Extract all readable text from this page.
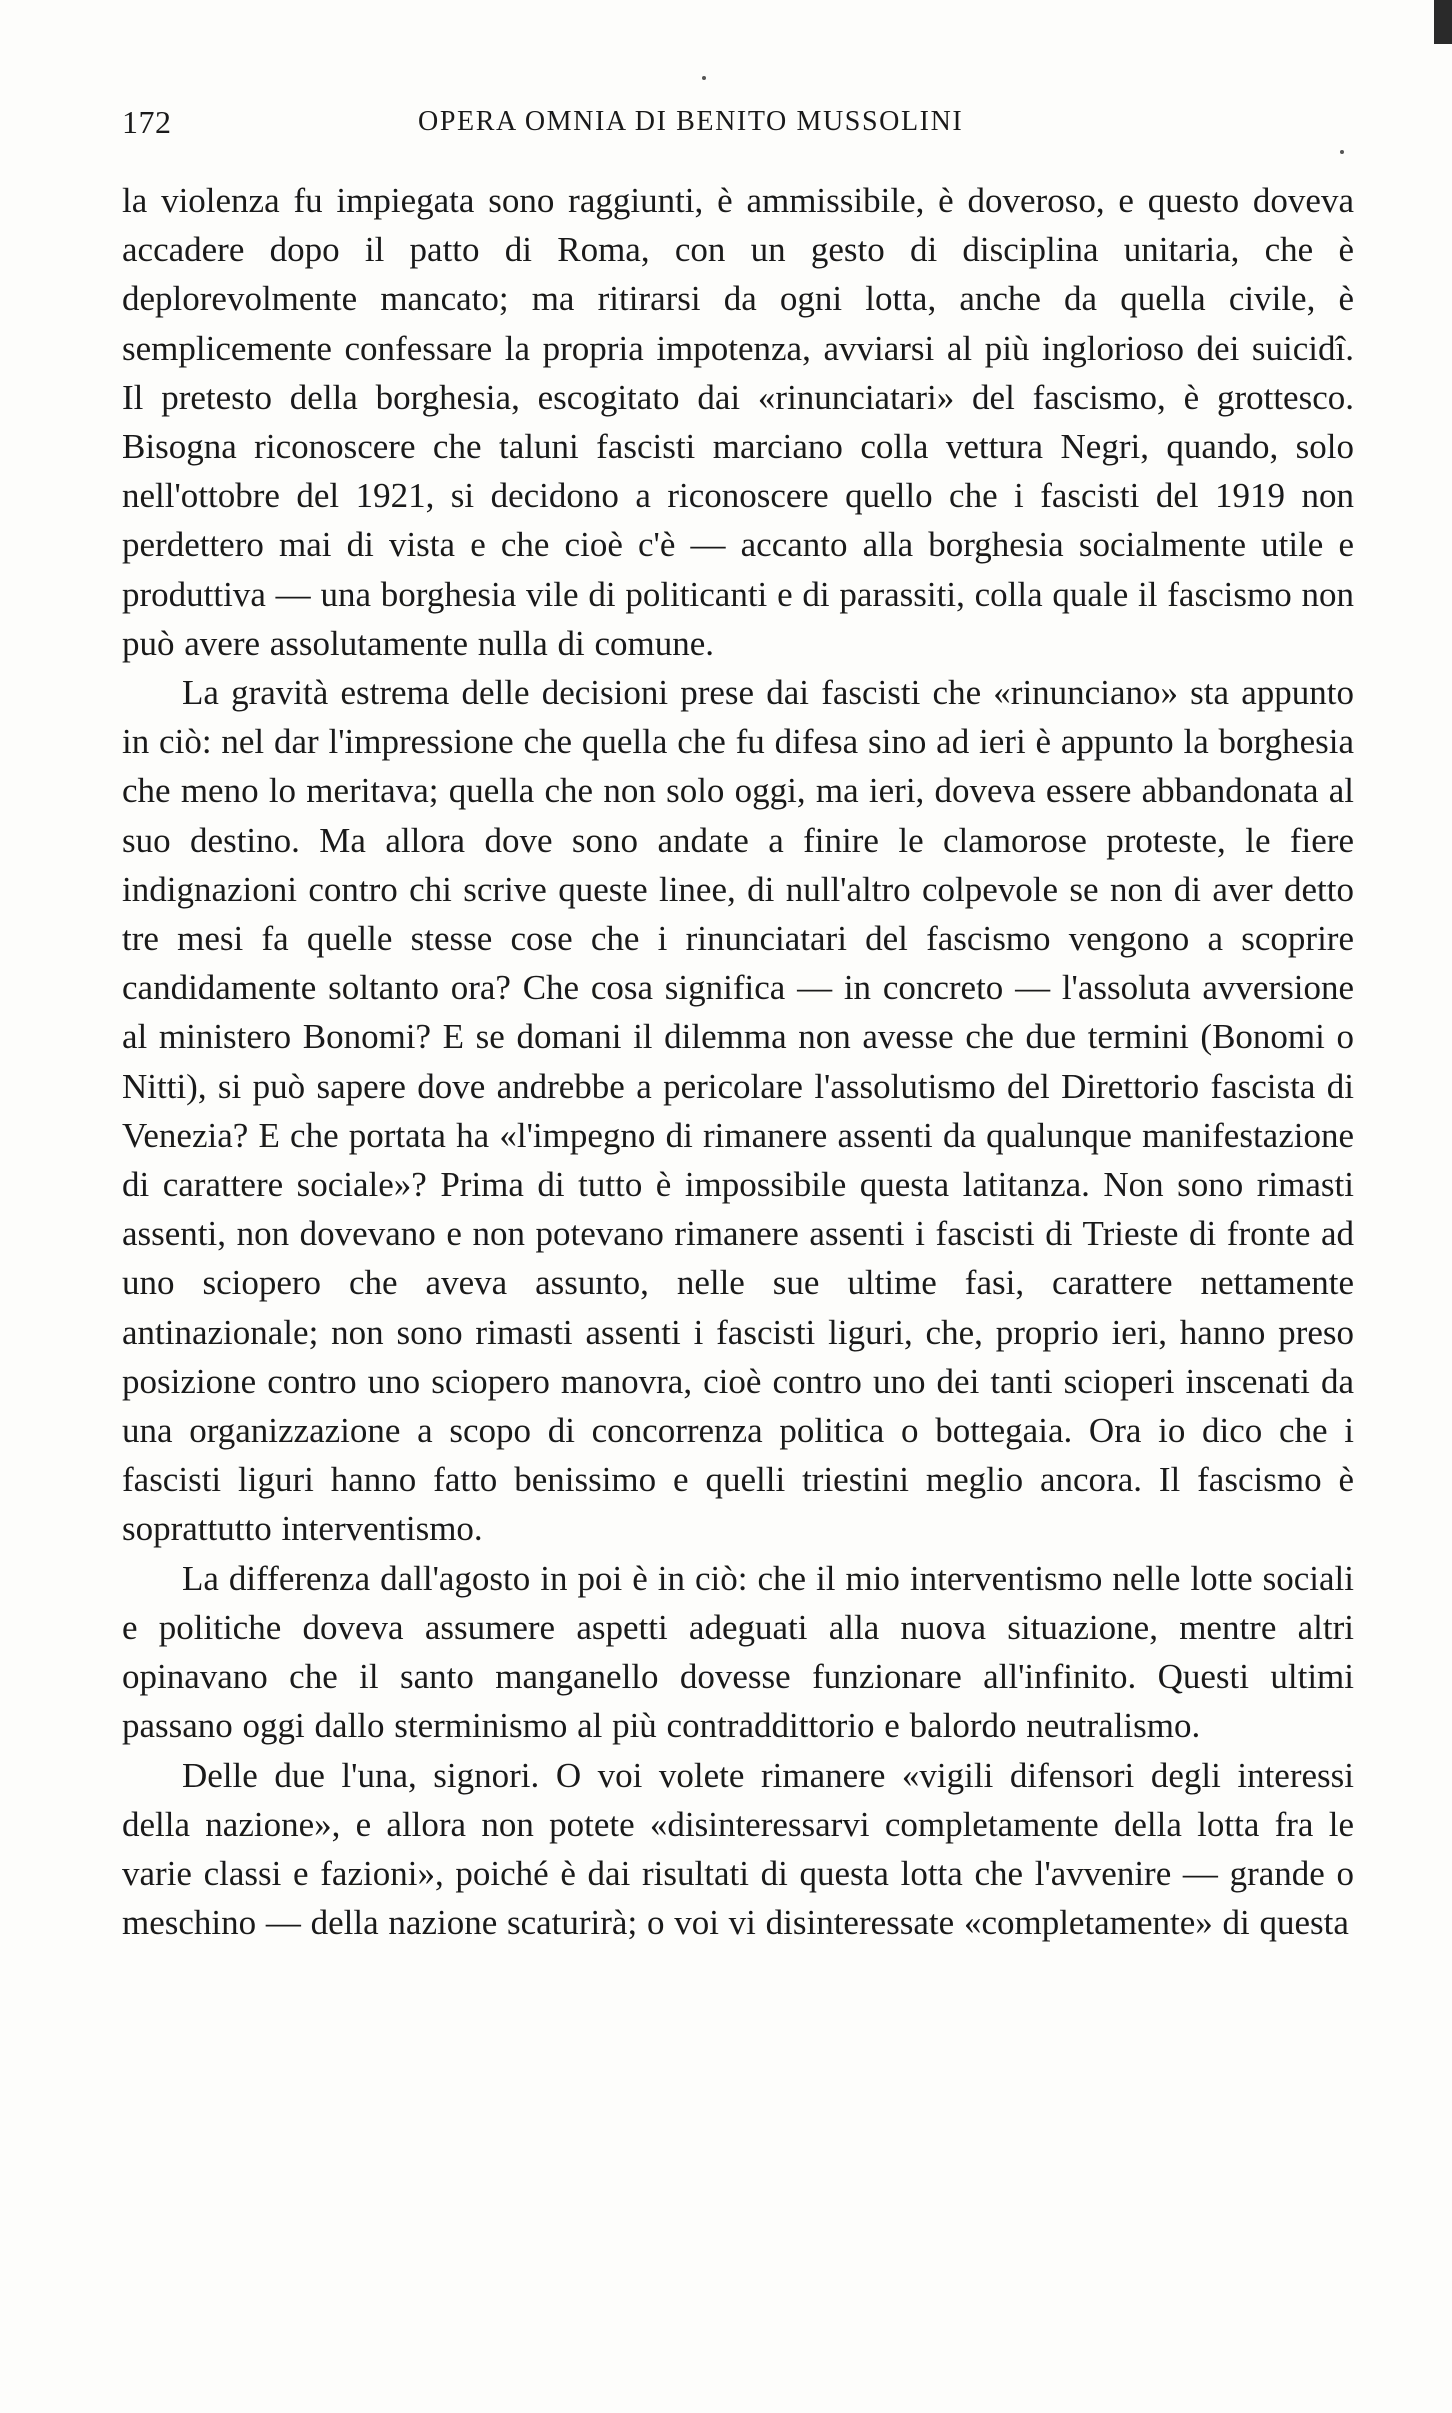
172	OPERA OMNIA DI BENITO MUSSOLINI

la violenza fu impiegata sono raggiunti, è ammissibile, è doveroso, e questo doveva accadere dopo il patto di Roma, con un gesto di disciplina unitaria, che è deplorevolmente mancato; ma ritirarsi da ogni lotta, anche da quella civile, è semplicemente confessare la propria impotenza, avviarsi al più inglorioso dei suicidî. Il pretesto della borghesia, escogitato dai «rinunciatari» del fascismo, è grottesco. Bisogna riconoscere che taluni fascisti marciano colla vettura Negri, quando, solo nell'ottobre del 1921, si decidono a riconoscere quello che i fascisti del 1919 non perdettero mai di vista e che cioè c'è — accanto alla borghesia socialmente utile e produttiva — una borghesia vile di politicanti e di parassiti, colla quale il fascismo non può avere assolutamente nulla di comune.

La gravità estrema delle decisioni prese dai fascisti che «rinunciano» sta appunto in ciò: nel dar l'impressione che quella che fu difesa sino ad ieri è appunto la borghesia che meno lo meritava; quella che non solo oggi, ma ieri, doveva essere abbandonata al suo destino. Ma allora dove sono andate a finire le clamorose proteste, le fiere indignazioni contro chi scrive queste linee, di null'altro colpevole se non di aver detto tre mesi fa quelle stesse cose che i rinunciatari del fascismo vengono a scoprire candidamente soltanto ora? Che cosa significa — in concreto — l'assoluta avversione al ministero Bonomi? E se domani il dilemma non avesse che due termini (Bonomi o Nitti), si può sapere dove andrebbe a pericolare l'assolutismo del Direttorio fascista di Venezia? E che portata ha «l'impegno di rimanere assenti da qualunque manifestazione di carattere sociale»? Prima di tutto è impossibile questa latitanza. Non sono rimasti assenti, non dovevano e non potevano rimanere assenti i fascisti di Trieste di fronte ad uno sciopero che aveva assunto, nelle sue ultime fasi, carattere nettamente antinazionale; non sono rimasti assenti i fascisti liguri, che, proprio ieri, hanno preso posizione contro uno sciopero manovra, cioè contro uno dei tanti scioperi inscenati da una organizzazione a scopo di concorrenza politica o bottegaia. Ora io dico che i fascisti liguri hanno fatto benissimo e quelli triestini meglio ancora. Il fascismo è soprattutto interventismo.

La differenza dall'agosto in poi è in ciò: che il mio interventismo nelle lotte sociali e politiche doveva assumere aspetti adeguati alla nuova situazione, mentre altri opinavano che il santo manganello dovesse funzionare all'infinito. Questi ultimi passano oggi dallo sterminismo al più contraddittorio e balordo neutralismo.

Delle due l'una, signori. O voi volete rimanere «vigili difensori degli interessi della nazione», e allora non potete «disinteressarvi completamente della lotta fra le varie classi e fazioni», poiché è dai risultati di questa lotta che l'avvenire — grande o meschino — della nazione scaturirà; o voi vi disinteressate «completamente» di questa
